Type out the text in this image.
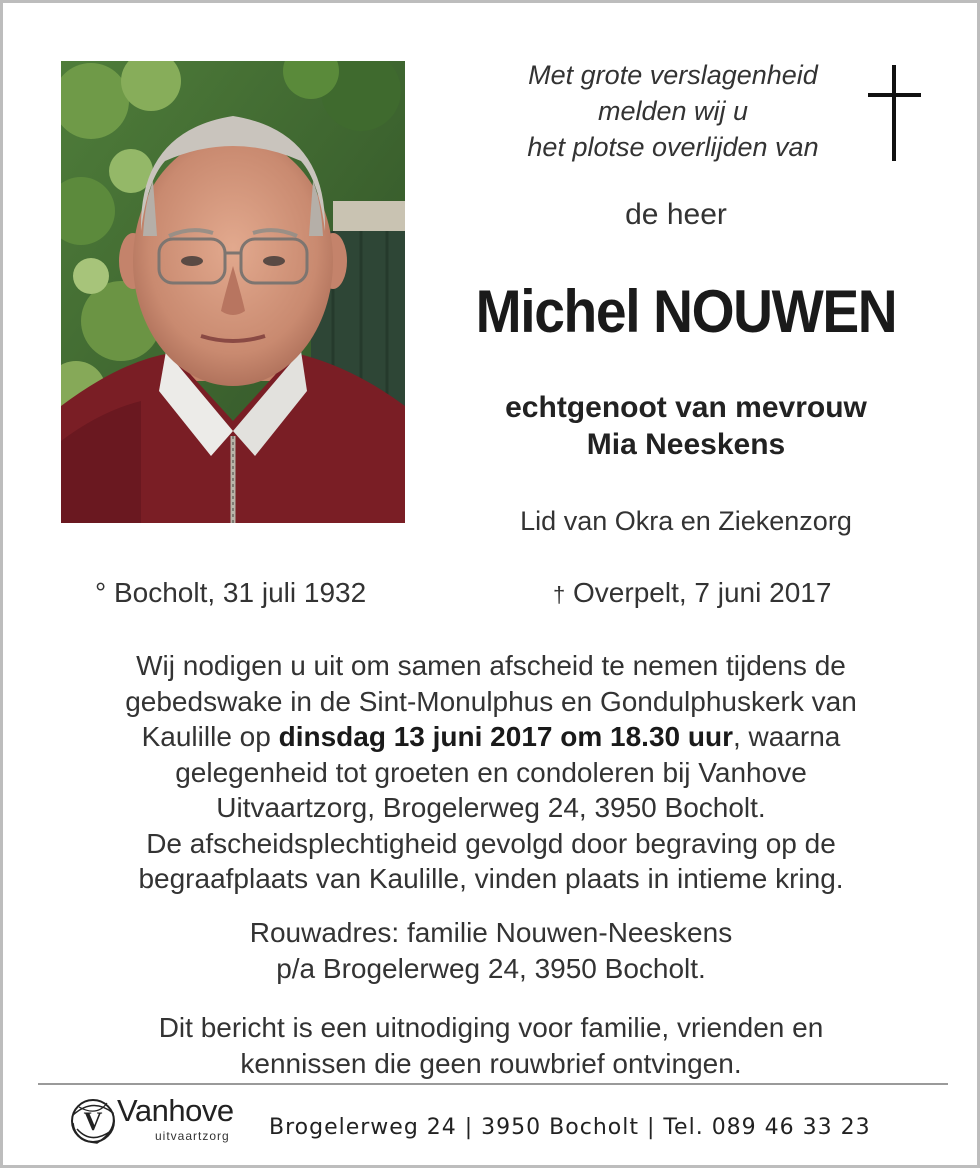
Met grote verslagenheid
melden wij u
het plotse overlijden van
de heer
Michel NOUWEN
echtgenoot van mevrouw
Mia Neeskens
Lid van Okra en Ziekenzorg
° Bocholt, 31 juli 1932	† Overpelt, 7 juni 2017
Wij nodigen u uit om samen afscheid te nemen tijdens de
gebedswake in de Sint-Monulphus en Gondulphuskerk van
Kaulille op dinsdag 13 juni 2017 om 18.30 uur, waarna
gelegenheid tot groeten en condoleren bij Vanhove
Uitvaartzorg, Brogelerweg 24, 3950 Bocholt.
De afscheidsplechtigheid gevolgd door begraving op de
begraafplaats van Kaulille, vinden plaats in intieme kring.
Rouwadres: familie Nouwen-Neeskens
p/a Brogelerweg 24, 3950 Bocholt.
Dit bericht is een uitnodiging voor familie, vrienden en
kennissen die geen rouwbrief ontvingen.
V Vanhove
uitvaartzorg Brogelerweg 24 | 3950 Bocholt | Tel. 089 46 33 23
